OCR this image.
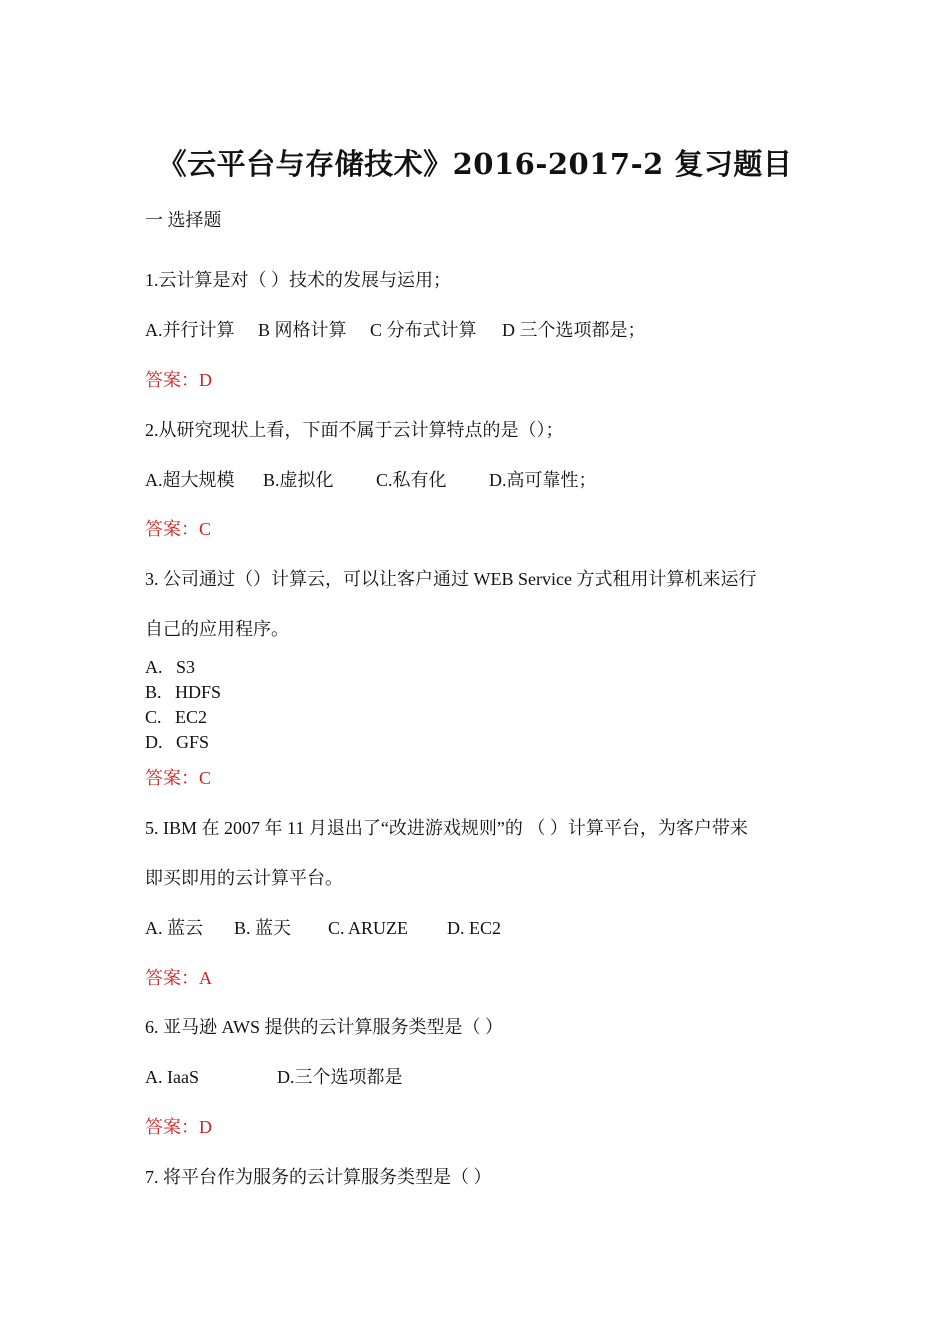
《云平台与存储技术》2016-2017-2 复习题目
一 选择题
1.云计算是对（ ）技术的发展与运用；
A.并行计算 B 网格计算 C 分布式计算 D 三个选项都是；
答案：D
2.从研究现状上看，下面不属于云计算特点的是（）；
A.超大规模 B.虚拟化 C.私有化 D.高可靠性；
答案：C
3. 公司通过（）计算云，可以让客户通过 WEB Service 方式租用计算机来运行
自己的应用程序。
A.   S3
B.   HDFS
C.   EC2
D.   GFS
答案：C
5. IBM 在 2007 年 11 月退出了“改进游戏规则”的 （ ）计算平台，为客户带来
即买即用的云计算平台。
A. 蓝云 B. 蓝天 C. ARUZE D. EC2
答案：A
6. 亚马逊 AWS 提供的云计算服务类型是（ ）
A. IaaS	D.三个选项都是
答案：D
7. 将平台作为服务的云计算服务类型是（ ）
